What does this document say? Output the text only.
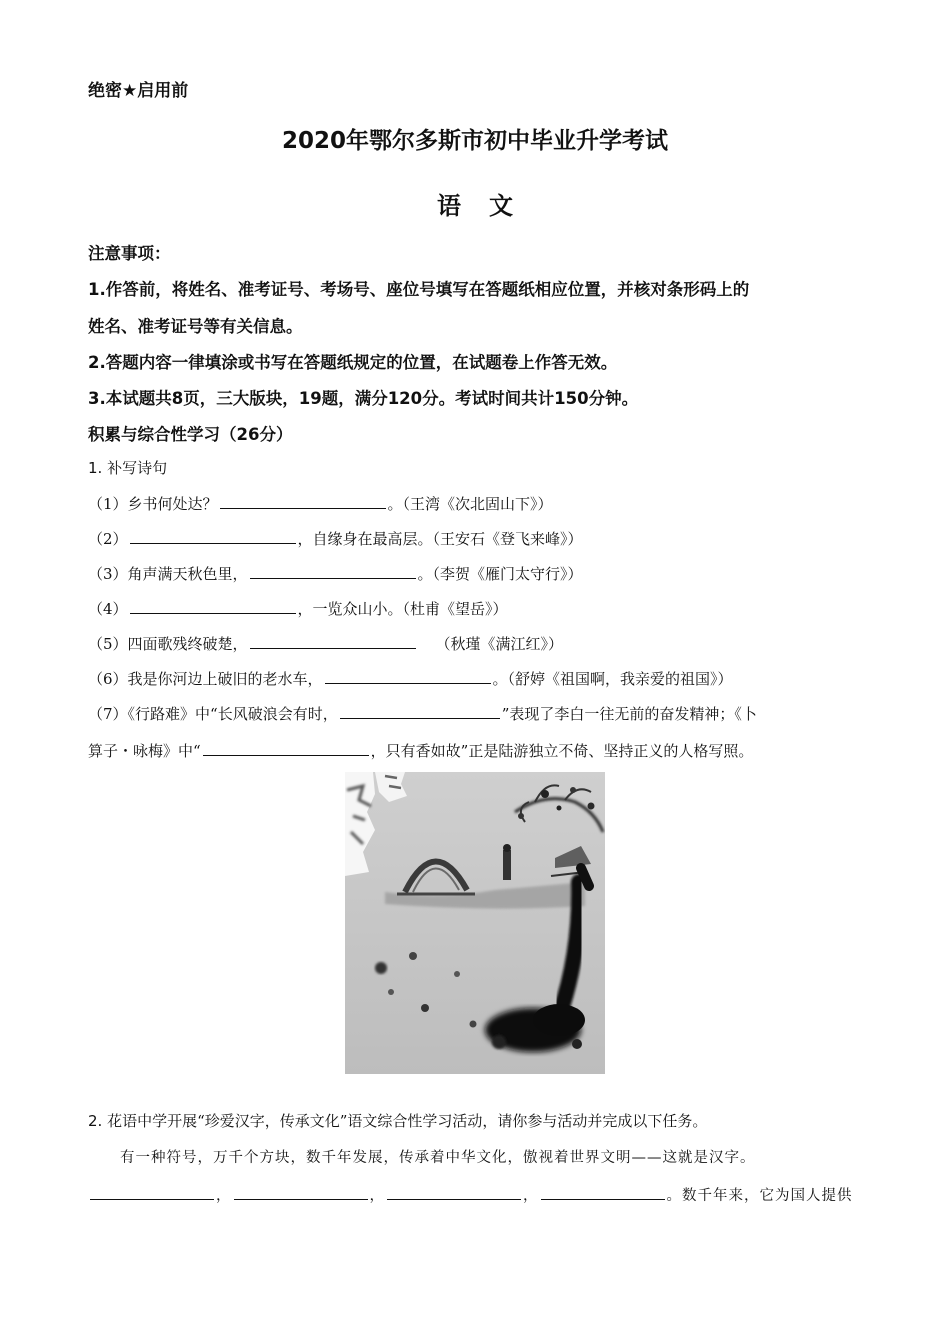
绝密★启用前
2020年鄂尔多斯市初中毕业升学考试
语文
注意事项：
1.作答前，将姓名、准考证号、考场号、座位号填写在答题纸相应位置，并核对条形码上的
姓名、准考证号等有关信息。
2.答题内容一律填涂或书写在答题纸规定的位置，在试题卷上作答无效。
3.本试题共8页，三大版块，19题，满分120分。考试时间共计150分钟。
积累与综合性学习（26分）
1. 补写诗句
（1）乡书何处达？	。（王湾《次北固山下》）
（2）	，自缘身在最高层。（王安石《登飞来峰》）
（3）角声满天秋色里，	。（李贺《雁门太守行》）
（4）	，一览众山小。（杜甫《望岳》）
（5）四面歌残终破楚，	（秋瑾《满江红》）
（6）我是你河边上破旧的老水车，	。（舒婷《祖国啊，我亲爱的祖国》）
（7）《行路难》中“长风破浪会有时，	”表现了李白一往无前的奋发精神；《卜
算子・咏梅》中“	，只有香如故”正是陆游独立不倚、坚持正义的人格写照。
2. 花语中学开展“珍爱汉字，传承文化”语文综合性学习活动，请你参与活动并完成以下任务。
有一种符号，万千个方块，数千年发展，传承着中华文化，傲视着世界文明——这就是汉字。
，	，	，	。数千年来，它为国人提供
